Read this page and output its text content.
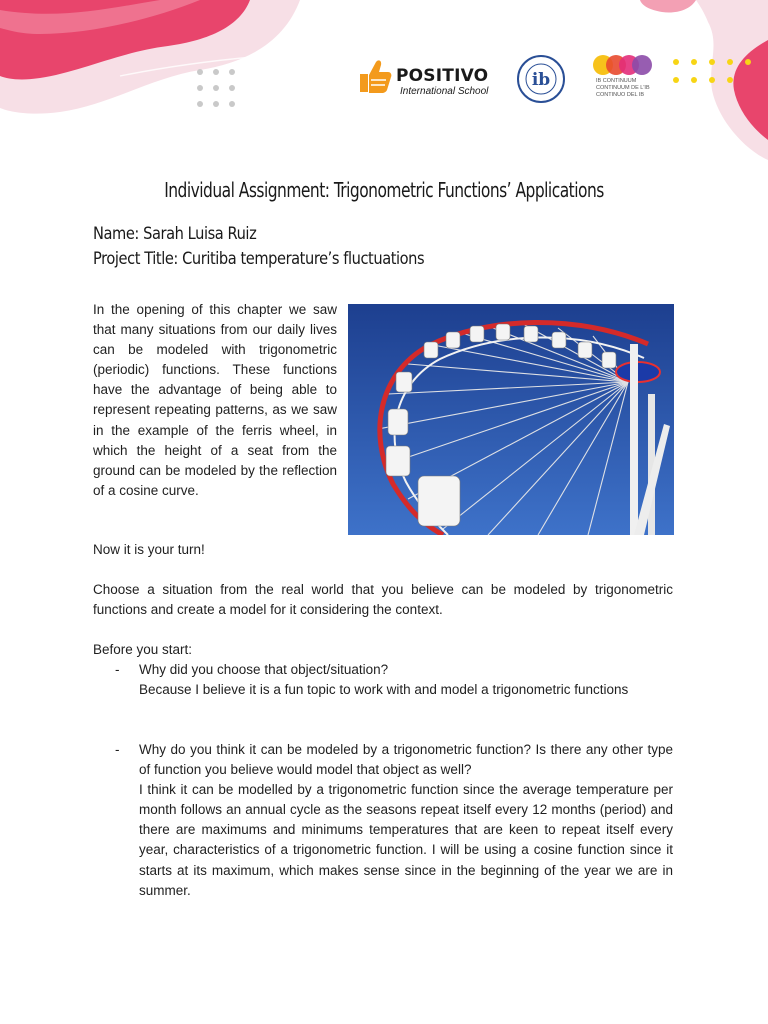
POSITIVO
International School
ib	IB CONTINUUM
CONTINUUM DE L'IB
CONTINUO DEL IB
Individual Assignment: Trigonometric Functions’ Applications

Name: Sarah Luisa Ruiz

Project Title: Curitiba temperature’s fluctuations

In the opening of this chapter we saw that many situations from our daily lives can be modeled with trigonometric (periodic) functions. These functions have the advantage of being able to represent repeating patterns, as we saw in the example of the ferris wheel, in which the height of a seat from the ground can be modeled by the reflection of a cosine curve.

Now it is your turn!

Choose a situation from the real world that you believe can be modeled by trigonometric functions and create a model for it considering the context.

Before you start:

- Why did you choose that object/situation?
Because I believe it is a fun topic to work with and model a trigonometric functions
- Why do you think it can be modeled by a trigonometric function? Is there any other type of function you believe would model that object as well?
I think it can be modelled by a trigonometric function since the average temperature per month follows an annual cycle as the seasons repeat itself every 12 months (period) and there are maximums and minimums temperatures that are keen to repeat itself every year, characteristics of a trigonometric function. I will be using a cosine function since it starts at its maximum, which makes sense since in the beginning of the year we are in summer.
